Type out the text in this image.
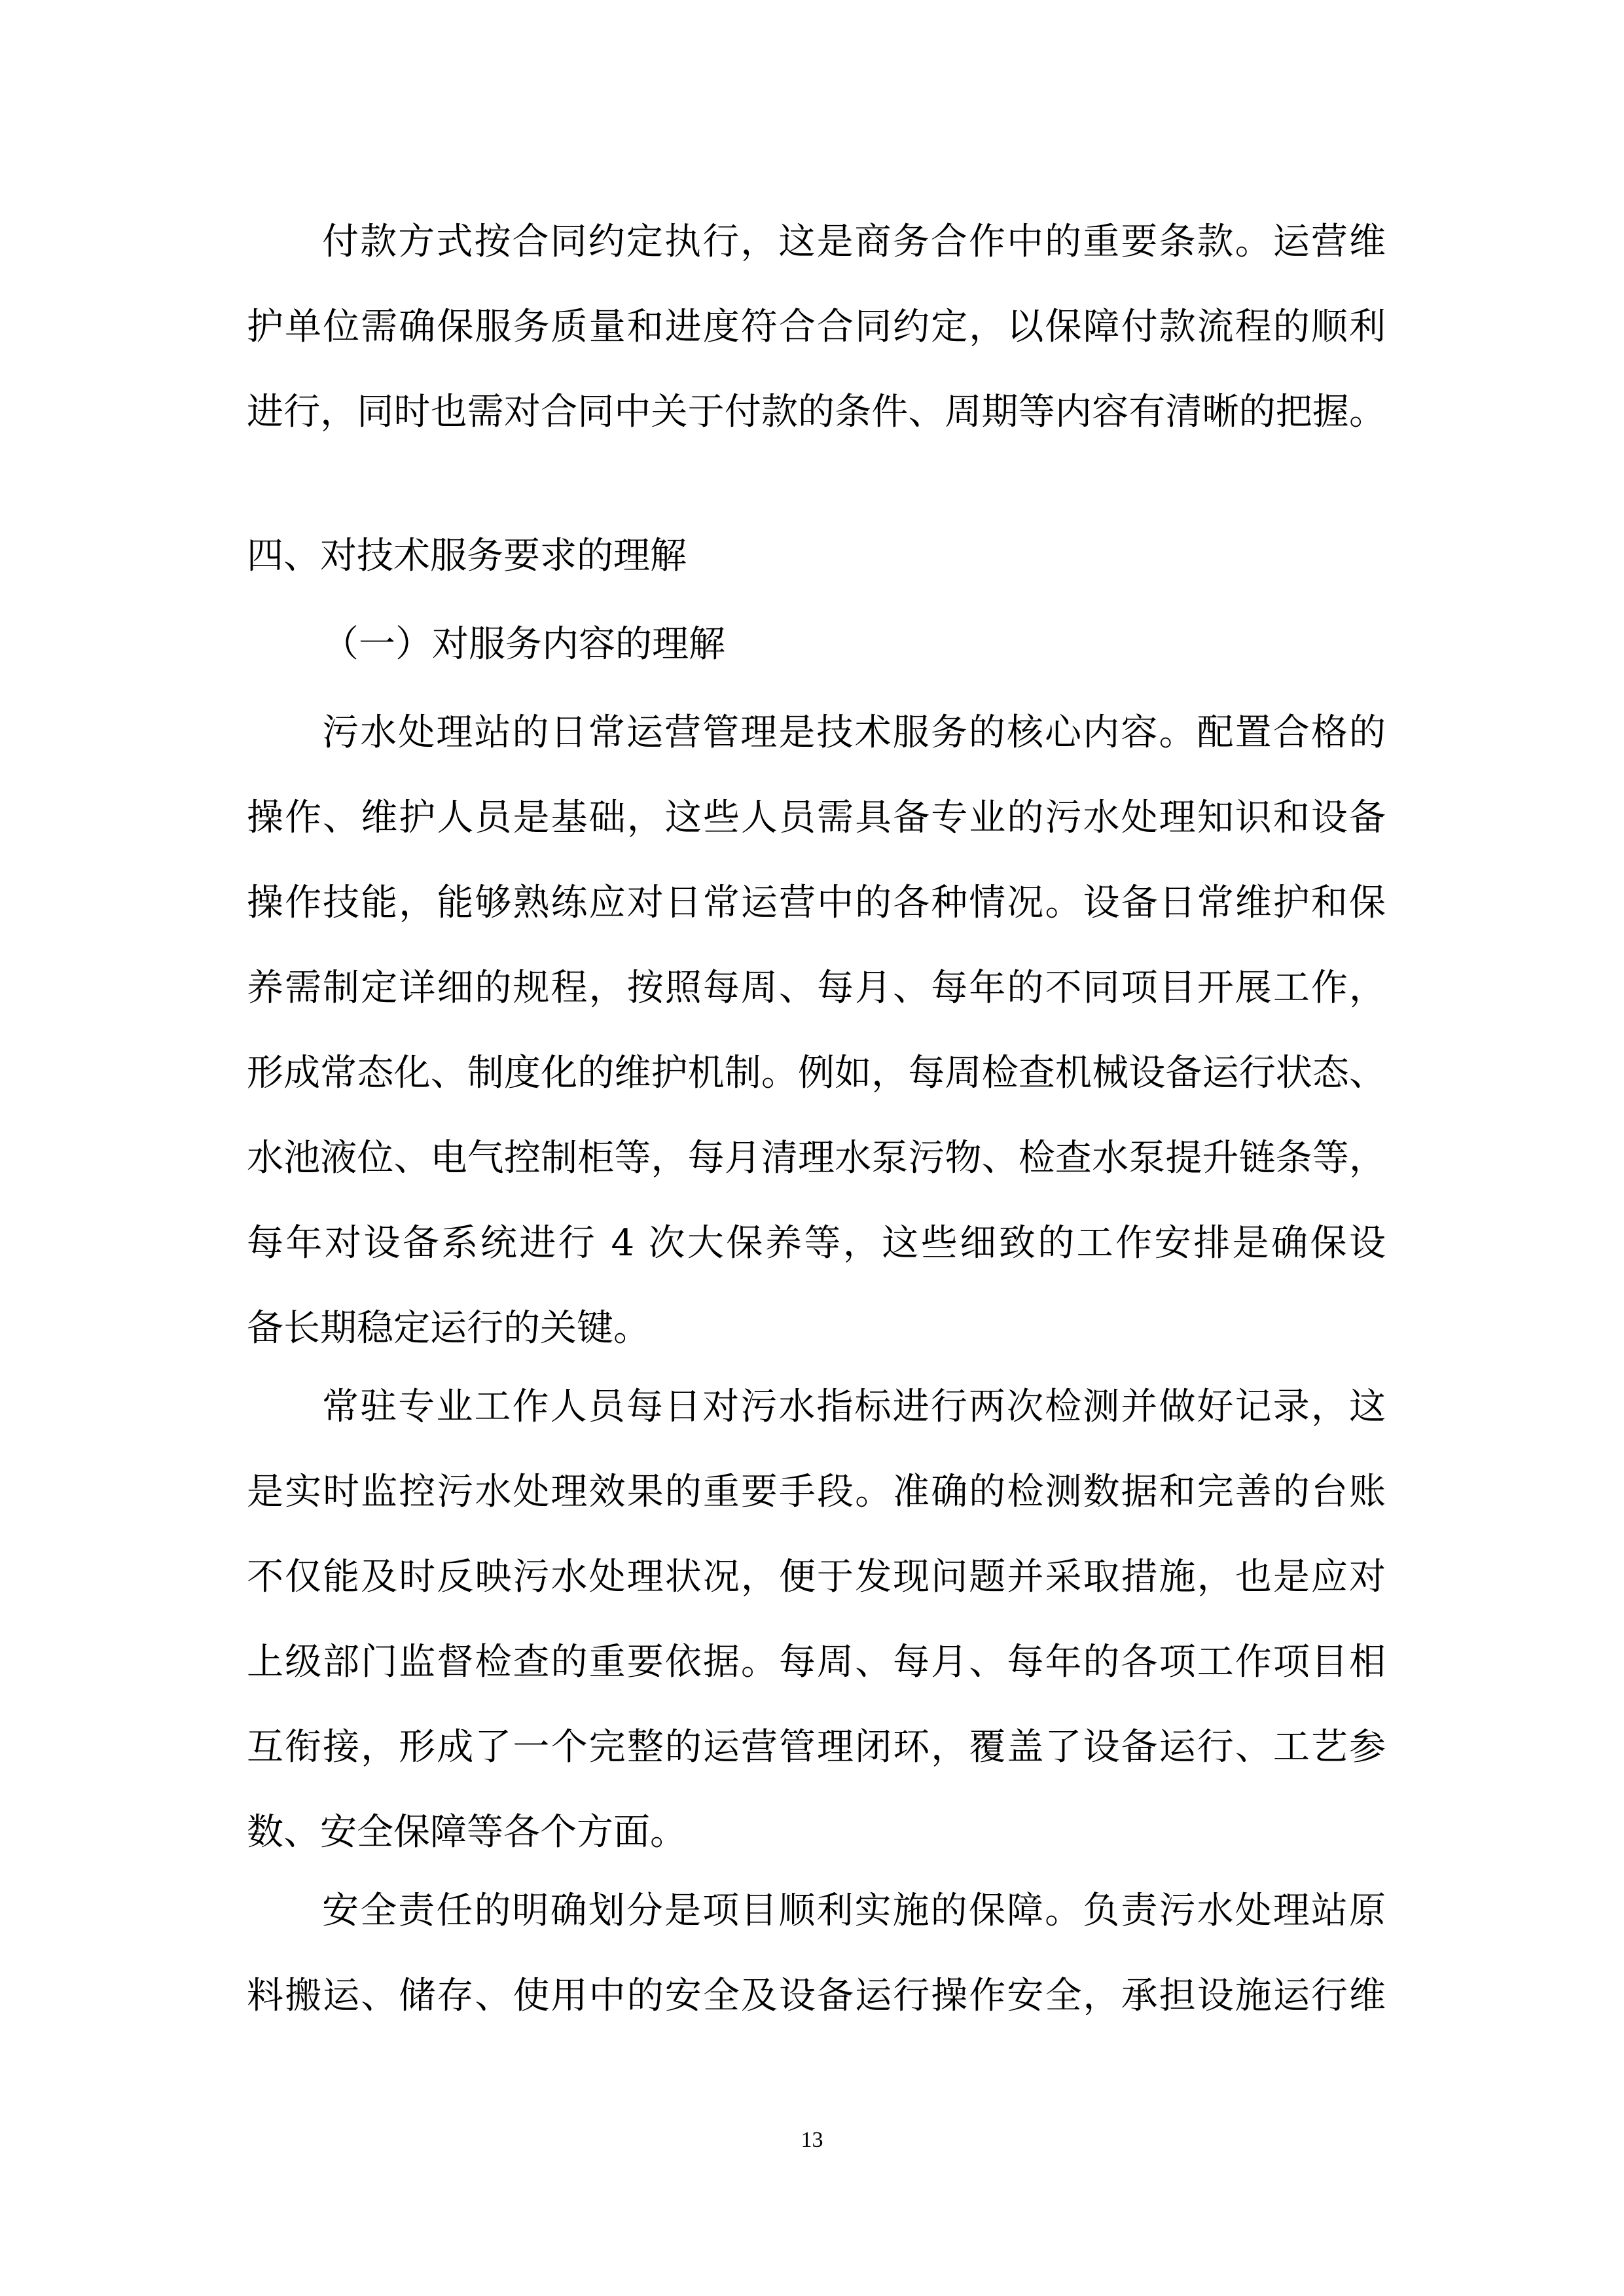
付款方式按合同约定执行，这是商务合作中的重要条款。运营维
护单位需确保服务质量和进度符合合同约定，以保障付款流程的顺利
进行，同时也需对合同中关于付款的条件、周期等内容有清晰的把握。
四、对技术服务要求的理解
（一）对服务内容的理解
污水处理站的日常运营管理是技术服务的核心内容。配置合格的
操作、维护人员是基础，这些人员需具备专业的污水处理知识和设备
操作技能，能够熟练应对日常运营中的各种情况。设备日常维护和保
养需制定详细的规程，按照每周、每月、每年的不同项目开展工作，
形成常态化、制度化的维护机制。例如，每周检查机械设备运行状态、
水池液位、电气控制柜等，每月清理水泵污物、检查水泵提升链条等，
每年对设备系统进行 4 次大保养等，这些细致的工作安排是确保设
备长期稳定运行的关键。
常驻专业工作人员每日对污水指标进行两次检测并做好记录，这
是实时监控污水处理效果的重要手段。准确的检测数据和完善的台账
不仅能及时反映污水处理状况，便于发现问题并采取措施，也是应对
上级部门监督检查的重要依据。每周、每月、每年的各项工作项目相
互衔接，形成了一个完整的运营管理闭环，覆盖了设备运行、工艺参
数、安全保障等各个方面。
安全责任的明确划分是项目顺利实施的保障。负责污水处理站原
料搬运、储存、使用中的安全及设备运行操作安全，承担设施运行维
13
